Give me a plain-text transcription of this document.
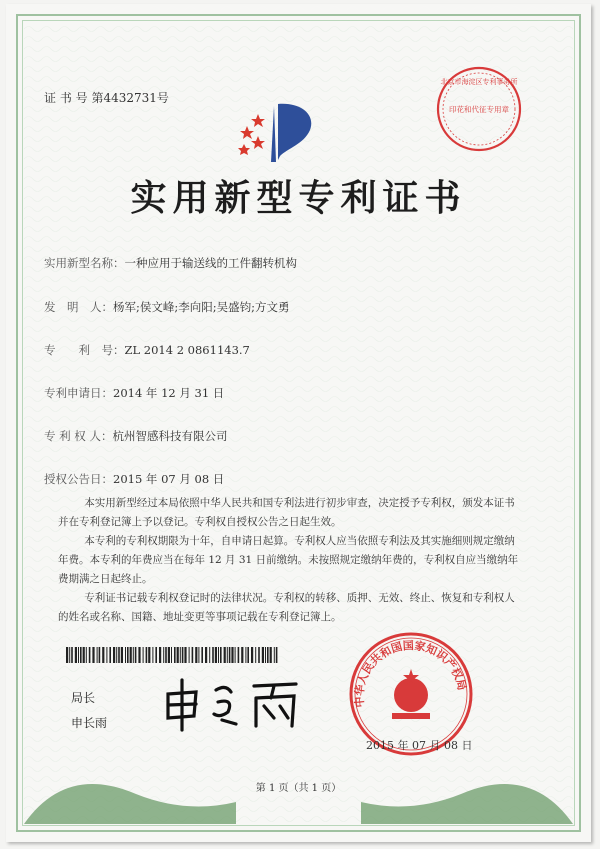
证 书 号 第4432731号
实用新型专利证书
北京市海淀区专利事务所
印花和代征专用章
实用新型名称：一种应用于输送线的工件翻转机构
发　明　人：杨军;侯文峰;李向阳;吴盛钧;方文勇
专　　利　号：ZL 2014 2 0861143.7
专利申请日：2014 年 12 月 31 日
专 利 权 人：杭州智感科技有限公司
授权公告日：2015 年 07 月 08 日

本实用新型经过本局依照中华人民共和国专利法进行初步审查，决定授予专利权，颁发本证书并在专利登记簿上予以登记。专利权自授权公告之日起生效。

本专利的专利权期限为十年，自申请日起算。专利权人应当依照专利法及其实施细则规定缴纳年费。本专利的年费应当在每年 12 月 31 日前缴纳。未按照规定缴纳年费的，专利权自应当缴纳年费期满之日起终止。

专利证书记载专利权登记时的法律状况。专利权的转移、质押、无效、终止、恢复和专利权人的姓名或名称、国籍、地址变更等事项记载在专利登记簿上。

局长
申长雨
中华人民共和国国家知识产权局
2015 年 07 月 08 日
第 1 页（共 1 页）
